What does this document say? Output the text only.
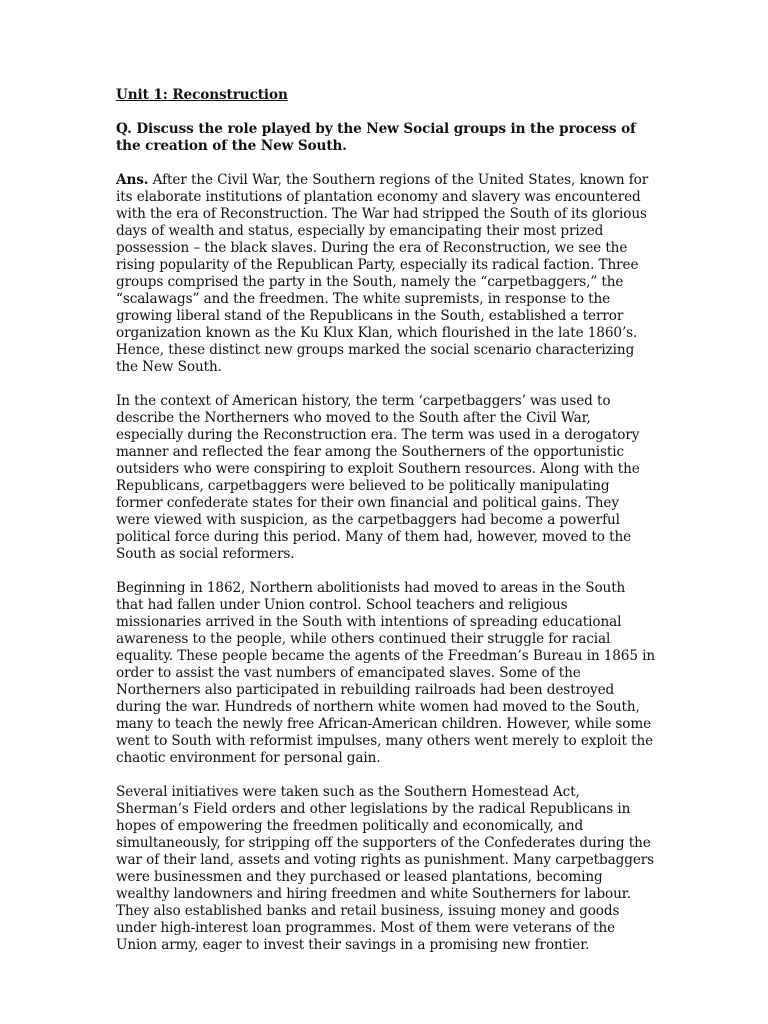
Unit 1: Reconstruction

Q. Discuss the role played by the New Social groups in the process of the creation of the New South.

Ans. After the Civil War, the Southern regions of the United States, known for its elaborate institutions of plantation economy and slavery was encountered with the era of Reconstruction. The War had stripped the South of its glorious days of wealth and status, especially by emancipating their most prized possession – the black slaves. During the era of Reconstruction, we see the rising popularity of the Republican Party, especially its radical faction. Three groups comprised the party in the South, namely the “carpetbaggers,” the “scalawags” and the freedmen. The white supremists, in response to the growing liberal stand of the Republicans in the South, established a terror organization known as the Ku Klux Klan, which flourished in the late 1860’s. Hence, these distinct new groups marked the social scenario characterizing the New South.

In the context of American history, the term ‘carpetbaggers’ was used to describe the Northerners who moved to the South after the Civil War, especially during the Reconstruction era. The term was used in a derogatory manner and reflected the fear among the Southerners of the opportunistic outsiders who were conspiring to exploit Southern resources. Along with the Republicans, carpetbaggers were believed to be politically manipulating former confederate states for their own financial and political gains. They were viewed with suspicion, as the carpetbaggers had become a powerful political force during this period. Many of them had, however, moved to the South as social reformers.

Beginning in 1862, Northern abolitionists had moved to areas in the South that had fallen under Union control. School teachers and religious missionaries arrived in the South with intentions of spreading educational awareness to the people, while others continued their struggle for racial equality. These people became the agents of the Freedman’s Bureau in 1865 in order to assist the vast numbers of emancipated slaves. Some of the Northerners also participated in rebuilding railroads had been destroyed during the war. Hundreds of northern white women had moved to the South, many to teach the newly free African-American children. However, while some went to South with reformist impulses, many others went merely to exploit the chaotic environment for personal gain.

Several initiatives were taken such as the Southern Homestead Act, Sherman’s Field orders and other legislations by the radical Republicans in hopes of empowering the freedmen politically and economically, and simultaneously, for stripping off the supporters of the Confederates during the war of their land, assets and voting rights as punishment. Many carpetbaggers were businessmen and they purchased or leased plantations, becoming wealthy landowners and hiring freedmen and white Southerners for labour. They also established banks and retail business, issuing money and goods under high-interest loan programmes. Most of them were veterans of the Union army, eager to invest their savings in a promising new frontier.
